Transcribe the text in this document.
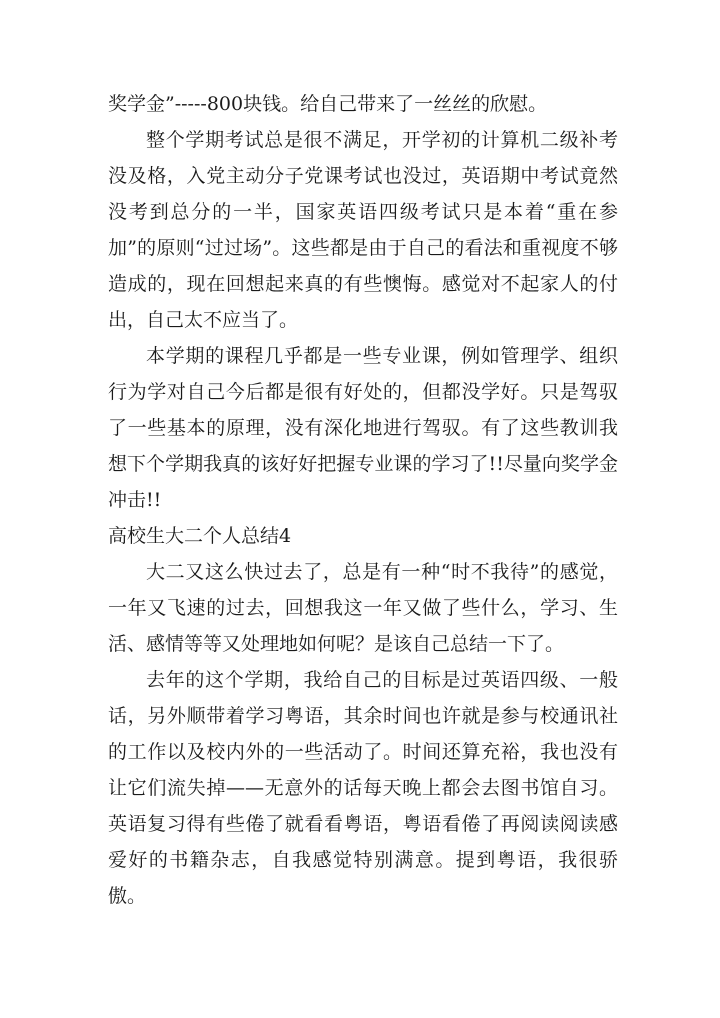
奖学金”-----800块钱。给自己带来了一丝丝的欣慰。

整个学期考试总是很不满足，开学初的计算机二级补考没及格，入党主动分子党课考试也没过，英语期中考试竟然没考到总分的一半，国家英语四级考试只是本着“重在参加”的原则“过过场”。这些都是由于自己的看法和重视度不够造成的，现在回想起来真的有些懊悔。感觉对不起家人的付出，自己太不应当了。

本学期的课程几乎都是一些专业课，例如管理学、组织行为学对自己今后都是很有好处的，但都没学好。只是驾驭了一些基本的原理，没有深化地进行驾驭。有了这些教训我想下个学期我真的该好好把握专业课的学习了!!尽量向奖学金冲击!!

高校生大二个人总结4

大二又这么快过去了，总是有一种“时不我待”的感觉，一年又飞速的过去，回想我这一年又做了些什么，学习、生活、感情等等又处理地如何呢？是该自己总结一下了。

去年的这个学期，我给自己的目标是过英语四级、一般话，另外顺带着学习粤语，其余时间也许就是参与校通讯社的工作以及校内外的一些活动了。时间还算充裕，我也没有让它们流失掉——无意外的话每天晚上都会去图书馆自习。英语复习得有些倦了就看看粤语，粤语看倦了再阅读阅读感爱好的书籍杂志，自我感觉特别满意。提到粤语，我很骄傲。
